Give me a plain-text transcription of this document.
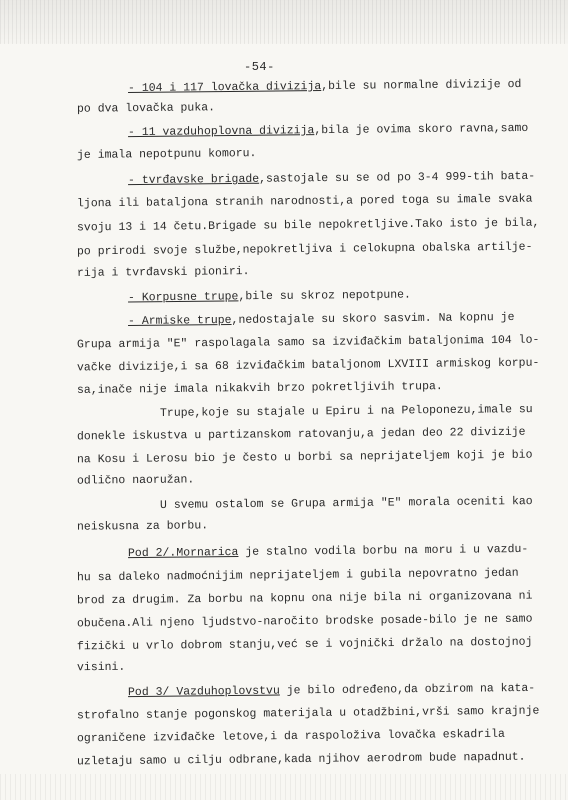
-54-
- 104 i 117 lovačka divizija,bile su normalne divizije od
po dva lovačka puka.
- 11 vazduhoplovna divizija,bila je ovima skoro ravna,samo
je imala nepotpunu komoru.
- tvrđavske brigade,sastojale su se od po 3-4 999-tih bata-
ljona ili bataljona stranih narodnosti,a pored toga su imale svaka
svoju 13 i 14 četu.Brigade su bile nepokretljive.Tako isto je bila,
po prirodi svoje službe,nepokretljiva i celokupna obalska artilje-
rija i tvrđavski pioniri.
- Korpusne trupe,bile su skroz nepotpune.
- Armiske trupe,nedostajale su skoro sasvim. Na kopnu je
Grupa armija "E" raspolagala samo sa izviđačkim bataljonima 104 lo-
vačke divizije,i sa 68 izviđačkim bataljonom LXVIII armiskog korpu-
sa,inače nije imala nikakvih brzo pokretljivih trupa.
Trupe,koje su stajale u Epiru i na Peloponezu,imale su
donekle iskustva u partizanskom ratovanju,a jedan deo 22 divizije
na Kosu i Lerosu bio je često u borbi sa neprijateljem koji je bio
odlično naoružan.
U svemu ostalom se Grupa armija "E" morala oceniti kao
neiskusna za borbu.
Pod 2/.Mornarica je stalno vodila borbu na moru i u vazdu-
hu sa daleko nadmoćnijim neprijateljem i gubila nepovratno jedan
brod za drugim. Za borbu na kopnu ona nije bila ni organizovana ni
obučena.Ali njeno ljudstvo-naročito brodske posade-bilo je ne samo
fizički u vrlo dobrom stanju,već se i vojnički držalo na dostojnoj
visini.
Pod 3/ Vazduhoplovstvu je bilo određeno,da obzirom na kata-
strofalno stanje pogonskog materijala u otadžbini,vrši samo krajnje
ograničene izviđačke letove,i da raspoloživa lovačka eskadrila
uzletaju samo u cilju odbrane,kada njihov aerodrom bude napadnut.
